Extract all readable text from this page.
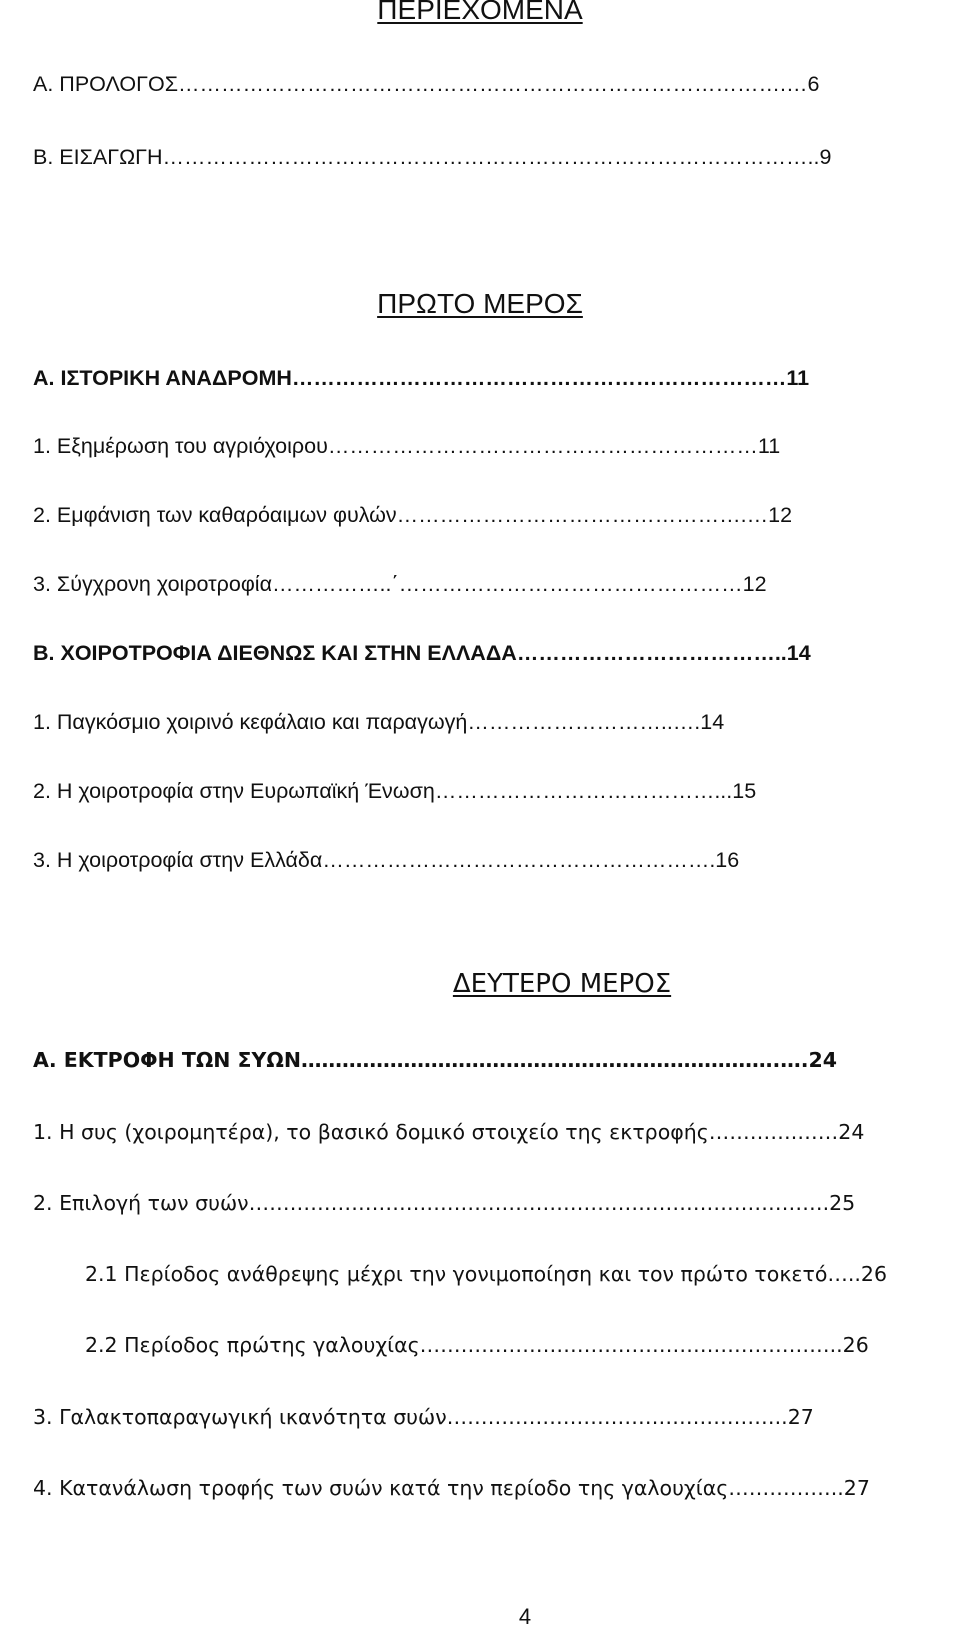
ΠΕΡΙΕΧΟΜΕΝΑ
Α. ΠΡΟΛΟΓΟΣ………………………………………………………………………….…6
Β. ΕΙΣΑΓΩΓΗ………………………………………………………………………………..9
ΠΡΩΤΟ ΜΕΡΟΣ
Α. ΙΣΤΟΡΙΚΗ ΑΝΑΔΡΟΜΗ……………………………………………………………11
1. Εξημέρωση του αγριόχοιρου……………………………………………………11
2. Εμφάνιση των καθαρόαιμων φυλών………………………………………….…12
3. Σύγχρονη χοιροτροφία……………..΄…………………………………………12
Β. ΧΟΙΡΟΤΡΟΦΙΑ ΔΙΕΘΝΩΣ ΚΑΙ ΣΤΗΝ ΕΛΛΑΔΑ………………………………..14
1. Παγκόσμιο χοιρινό κεφάλαιο και παραγωγή………………………..….14
2. Η χοιροτροφία στην Ευρωπαϊκή Ένωση…………………………………...15
3. Η χοιροτροφία στην Ελλάδα……………………………………………….16
ΔΕΥΤΕΡΟ ΜΕΡΟΣ
Α. ΕΚΤΡΟΦΗ ΤΩΝ ΣΥΩΝ…………………………………………………………….….24
1. Η συς (χοιρομητέρα), το βασικό δομικό στοιχείο της εκτροφής………….……24
2. Επιλογή των συών………………………………………………………………………….25
2.1 Περίοδος ανάθρεψης μέχρι την γονιμοποίηση και τον πρώτο τοκετό…..26
2.2 Περίοδος πρώτης γαλουχίας……………………………………………………..26
3. Γαλακτοπαραγωγική ικανότητα συών…………………………………………..27
4. Κατανάλωση τροφής των συών κατά την περίοδο της γαλουχίας……………..27
4
